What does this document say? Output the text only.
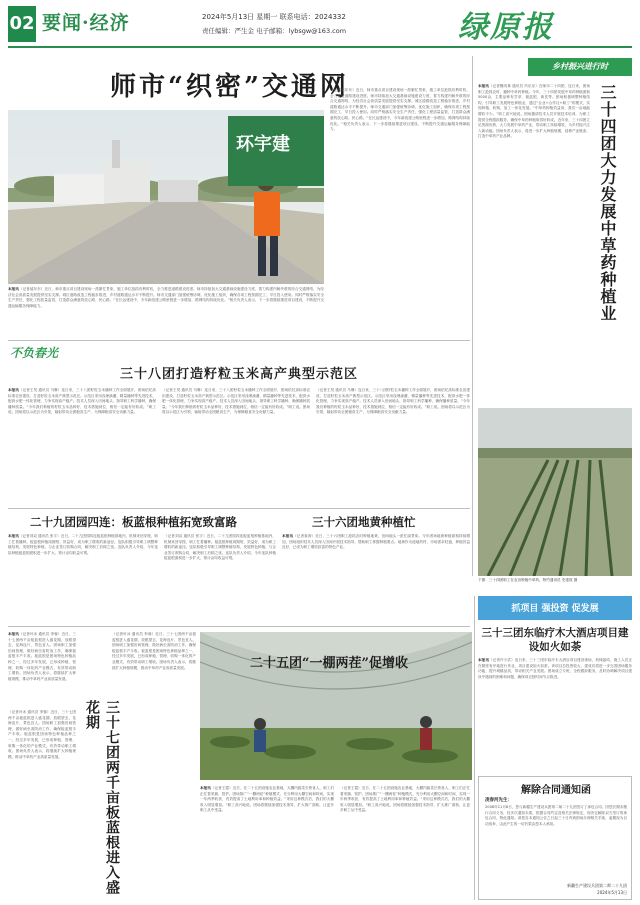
02 要闻·经济	2024年5月13日 星期一 联系电话：2024332
责任编辑：严生金 电子邮箱：lybsgw@163.com	绿原报
师市“织密”交通网
环宇建
本报讯（记者郝东东）近日，师市重点项目建设现场一派繁忙景象，施工单位抢抓有利时机，全力推进道路建设进度。师市持续加大交通基础设施建设力度，着力构建内畅外联的综合交通网络，为经济社会高质量发展提供坚实支撑。城区道路改造工程稳步推进，乡村道路通达水平不断提升。师市交通部门加强统筹协调，优化施工组织，确保各项工程按期完工、早日投入使用。同时严格落实安全生产责任，强化工程质量监管，打造群众满意的放心路、民心路。“在长远建设中，今年新改建公路里程进一步增加，路网结构持续优化。”相关负责人表示，下一步将继续推进项目建设，不断提升交通运输服务保障能力。
（记者郝东东）近日，师市重点项目建设现场一派繁忙景象，施工单位抢抓有利时机，全力推进道路建设进度。师市持续加大交通基础设施建设力度，着力构建内畅外联的综合交通网络，为经济社会高质量发展提供坚实支撑。城区道路改造工程稳步推进，乡村道路通达水平不断提升。师市交通部门加强统筹协调，优化施工组织，确保各项工程按期完工、早日投入使用。同时严格落实安全生产责任，强化工程质量监管，打造群众满意的放心路、民心路。“在长远建设中，今年新改建公路里程进一步增加，路网结构持续优化。”相关负责人表示，下一步将继续推进项目建设，不断提升交通运输服务保障能力。
乡村振兴进行时
三十四团大力发展中草药种植业
本报讯（记者魏英林 通讯员 冯乐乐）在师市二十四团，连日来，团场职工抢抓农时，播种中草药种植。今年，三十四团发展中草药种植面积5000亩，主要品种有甘草、板蓝根、黄芪等。团场积极调整种植结构，引导职工发展特色种植业，通过“企业+合作社+职工”的模式，实现种植、收购、加工一体化发展。“中草药种植效益高，我们一亩地能增收不少。”职工高兴地说。团场邀请技术人员开展技术培训，为职工提供全程跟踪服务，确保中草药种植取得好收成。近年来，三十四团立足资源优势，大力发展中草药产业，带动职工持续增收，为乡村振兴注入新动能。团场负责人表示，将进一步扩大种植规模，延伸产业链条，打造中草药产业品牌。
下图：三十四团职工在农田种植中草药。特约通讯员 史建波 摄
不负春光
三十八团打造籽粒玉米高产典型示范区
本报讯（记者王昊 通讯员 马琳）连日来，三十八团籽粒玉米播种工作全面展开，团场依托高标准农田建设，打造籽粒玉米高产典型示范区。示范区采用浅埋滴灌、精量播种等先进技术，配套水肥一体化管理，力争实现高产稳产。技术人员深入田间地头，指导职工科学播种，确保播种质量。“今年我们种植的籽粒玉米品种好，技术措施到位，相信一定能有好收成。”职工说。团场将以示范区为引领，辐射带动全团粮食生产，为保障粮食安全贡献力量。
（记者王昊 通讯员 马琳）连日来，三十八团籽粒玉米播种工作全面展开，团场依托高标准农田建设，打造籽粒玉米高产典型示范区。示范区采用浅埋滴灌、精量播种等先进技术，配套水肥一体化管理，力争实现高产稳产。技术人员深入田间地头，指导职工科学播种，确保播种质量。“今年我们种植的籽粒玉米品种好，技术措施到位，相信一定能有好收成。”职工说。团场将以示范区为引领，辐射带动全团粮食生产，为保障粮食安全贡献力量。
（记者王昊 通讯员 马琳）连日来，三十八团籽粒玉米播种工作全面展开，团场依托高标准农田建设，打造籽粒玉米高产典型示范区。示范区采用浅埋滴灌、精量播种等先进技术，配套水肥一体化管理，力争实现高产稳产。技术人员深入田间地头，指导职工科学播种，确保播种质量。“今年我们种植的籽粒玉米品种好，技术措施到位，相信一定能有好收成。”职工说。团场将以示范区为引领，辐射带动全团粮食生产，为保障粮食安全贡献力量。
二十九团园四连：板蓝根种植拓宽致富路
本报讯（记者刘双 通讯员 张宇）近日，二十九团园四连板蓝根种植基地内，机械来回穿梭，职工忙着播种。板蓝根种植周期短、效益好，成为职工增收的新途径。连队积极引导职工调整种植结构，发展特色种植，与企业签订收购合同，解决职工后顾之忧。连队负责人介绍，今年连队种植板蓝根面积进一步扩大，预计亩均收益可观。
（记者刘双 通讯员 张宇）近日，二十九团园四连板蓝根种植基地内，机械来回穿梭，职工忙着播种。板蓝根种植周期短、效益好，成为职工增收的新途径。连队积极引导职工调整种植结构，发展特色种植，与企业签订收购合同，解决职工后顾之忧。连队负责人介绍，今年连队种植板蓝根面积进一步扩大，预计亩均收益可观。
三十六团地黄种植忙
本报讯（记者姜涛）近日，三十六团职工抢抓农时种植地黄，田间地头一派忙碌景象。今年团场地黄种植面积持续增加，团场组织技术人员深入田间开展技术指导，帮助职工掌握种植要点。地黄作为道地药材，市场需求旺盛，种植效益良好，已成为职工增收致富的特色产业。
本报讯（记者叶冰 通讯员 李蓉）近日，三十七团两千亩板蓝根进入盛花期，放眼望去，花海连片，景色宜人。团场职工加强田间管理，做好病虫害防治工作，确保板蓝根丰产丰收。板蓝根是团场特色种植品种之一，经过多年发展，已形成种植、管理、收购一体化的产业模式，有效带动职工增收。团场负责人表示，将继续扩大种植规模，推动中草药产业高质量发展。
三十七团两千亩板蓝根进入盛花期
（记者叶冰 通讯员 李蓉）近日，三十七团两千亩板蓝根进入盛花期，放眼望去，花海连片，景色宜人。团场职工加强田间管理，做好病虫害防治工作，确保板蓝根丰产丰收。板蓝根是团场特色种植品种之一，经过多年发展，已形成种植、管理、收购一体化的产业模式，有效带动职工增收。团场负责人表示，将继续扩大种植规模，推动中草药产业高质量发展。
（记者叶冰 通讯员 李蓉）近日，三十七团两千亩板蓝根进入盛花期，放眼望去，花海连片，景色宜人。团场职工加强田间管理，做好病虫害防治工作，确保板蓝根丰产丰收。板蓝根是团场特色种植品种之一，经过多年发展，已形成种植、管理、收购一体化的产业模式，有效带动职工增收。团场负责人表示，将继续扩大种植规模，推动中草药产业高质量发展。	二十五团“一棚两茬”促增收
本报讯（记者王霞）近日，在二十五团设施农业基地，大棚内蔬菜长势喜人，职工们正忙着采摘、管护。团场推广“一棚两茬”种植模式，充分利用大棚空间和时间，实现一年两季收获，有效提高了土地利用率和种植效益。“采用这种模式后，我们的大棚收入明显增加。”职工高兴地说。团场将继续加强技术指导，扩大推广面积，让更多职工从中受益。
（记者王霞）近日，在二十五团设施农业基地，大棚内蔬菜长势喜人，职工们正忙着采摘、管护。团场推广“一棚两茬”种植模式，充分利用大棚空间和时间，实现一年两季收获，有效提高了土地利用率和种植效益。“采用这种模式后，我们的大棚收入明显增加。”职工高兴地说。团场将继续加强技术指导，扩大推广面积，让更多职工从中受益。
抓项目 强投资 促发展
三十三团东临疗木大酒店项目建设如火如荼
本报讯（记者许少武）连日来，三十三团东临疗木大酒店项目建设现场，机械轰鸣，施工人员正在紧张有序地进行作业，项目建设如火如荼。该项目总投资较大，建成后将进一步完善团场服务功能，提升城镇品质，带动相关产业发展。团场成立专班，全程跟踪服务，及时协调解决项目建设中遇到的困难和问题，确保项目按时间节点推进。
解除合同通知函
凌春河先生：
2008年11月8日，您与新疆生产建设兵团第二师二十九团签订了承包合同。因您长期未履行合同义务，经多次通知未果，根据合同约定及相关法律规定，现决定解除双方签订的承包合同，特此通知。请您自本通知公告之日起三十日内到团场办理相关手续，逾期视为自动放弃，由此产生的一切后果由您本人承担。
新疆生产建设兵团第二师二十九团
2024年5月13日
